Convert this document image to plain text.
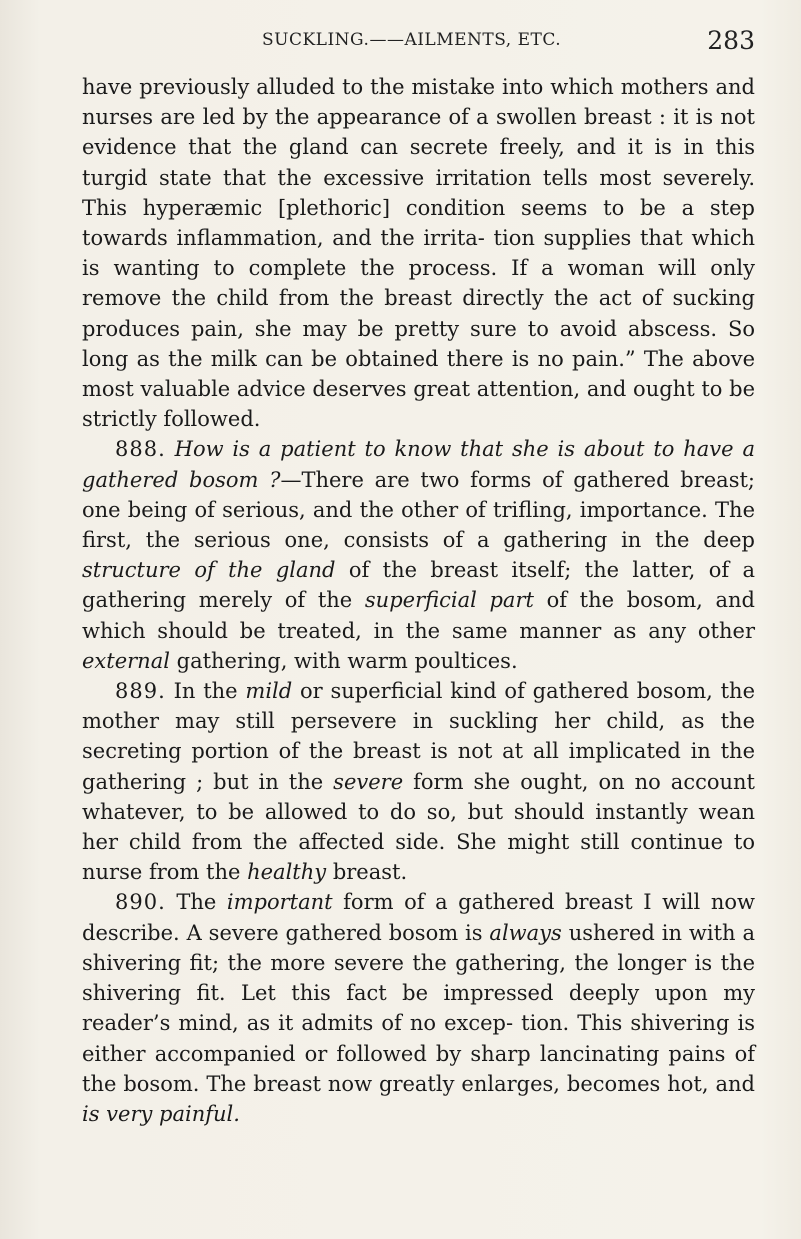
SUCKLING.——AILMENTS, ETC.	283

have previously alluded to the mistake into which mothers and nurses are led by the appearance of a swollen breast : it is not evidence that the gland can secrete freely, and it is in this turgid state that the excessive irritation tells most severely. This hyperæmic [plethoric] condition seems to be a step towards inflammation, and the irrita- tion supplies that which is wanting to complete the process. If a woman will only remove the child from the breast directly the act of sucking produces pain, she may be pretty sure to avoid abscess. So long as the milk can be obtained there is no pain.” The above most valuable advice deserves great attention, and ought to be strictly followed.

888. How is a patient to know that she is about to have a gathered bosom ?—There are two forms of gathered breast; one being of serious, and the other of trifling, importance. The first, the serious one, consists of a gathering in the deep structure of the gland of the breast itself; the latter, of a gathering merely of the superficial part of the bosom, and which should be treated, in the same manner as any other external gathering, with warm poultices.

889. In the mild or superficial kind of gathered bosom, the mother may still persevere in suckling her child, as the secreting portion of the breast is not at all implicated in the gathering ; but in the severe form she ought, on no account whatever, to be allowed to do so, but should instantly wean her child from the affected side. She might still continue to nurse from the healthy breast.

890. The important form of a gathered breast I will now describe. A severe gathered bosom is always ushered in with a shivering fit; the more severe the gathering, the longer is the shivering fit. Let this fact be impressed deeply upon my reader’s mind, as it admits of no excep- tion. This shivering is either accompanied or followed by sharp lancinating pains of the bosom. The breast now greatly enlarges, becomes hot, and is very painful.
